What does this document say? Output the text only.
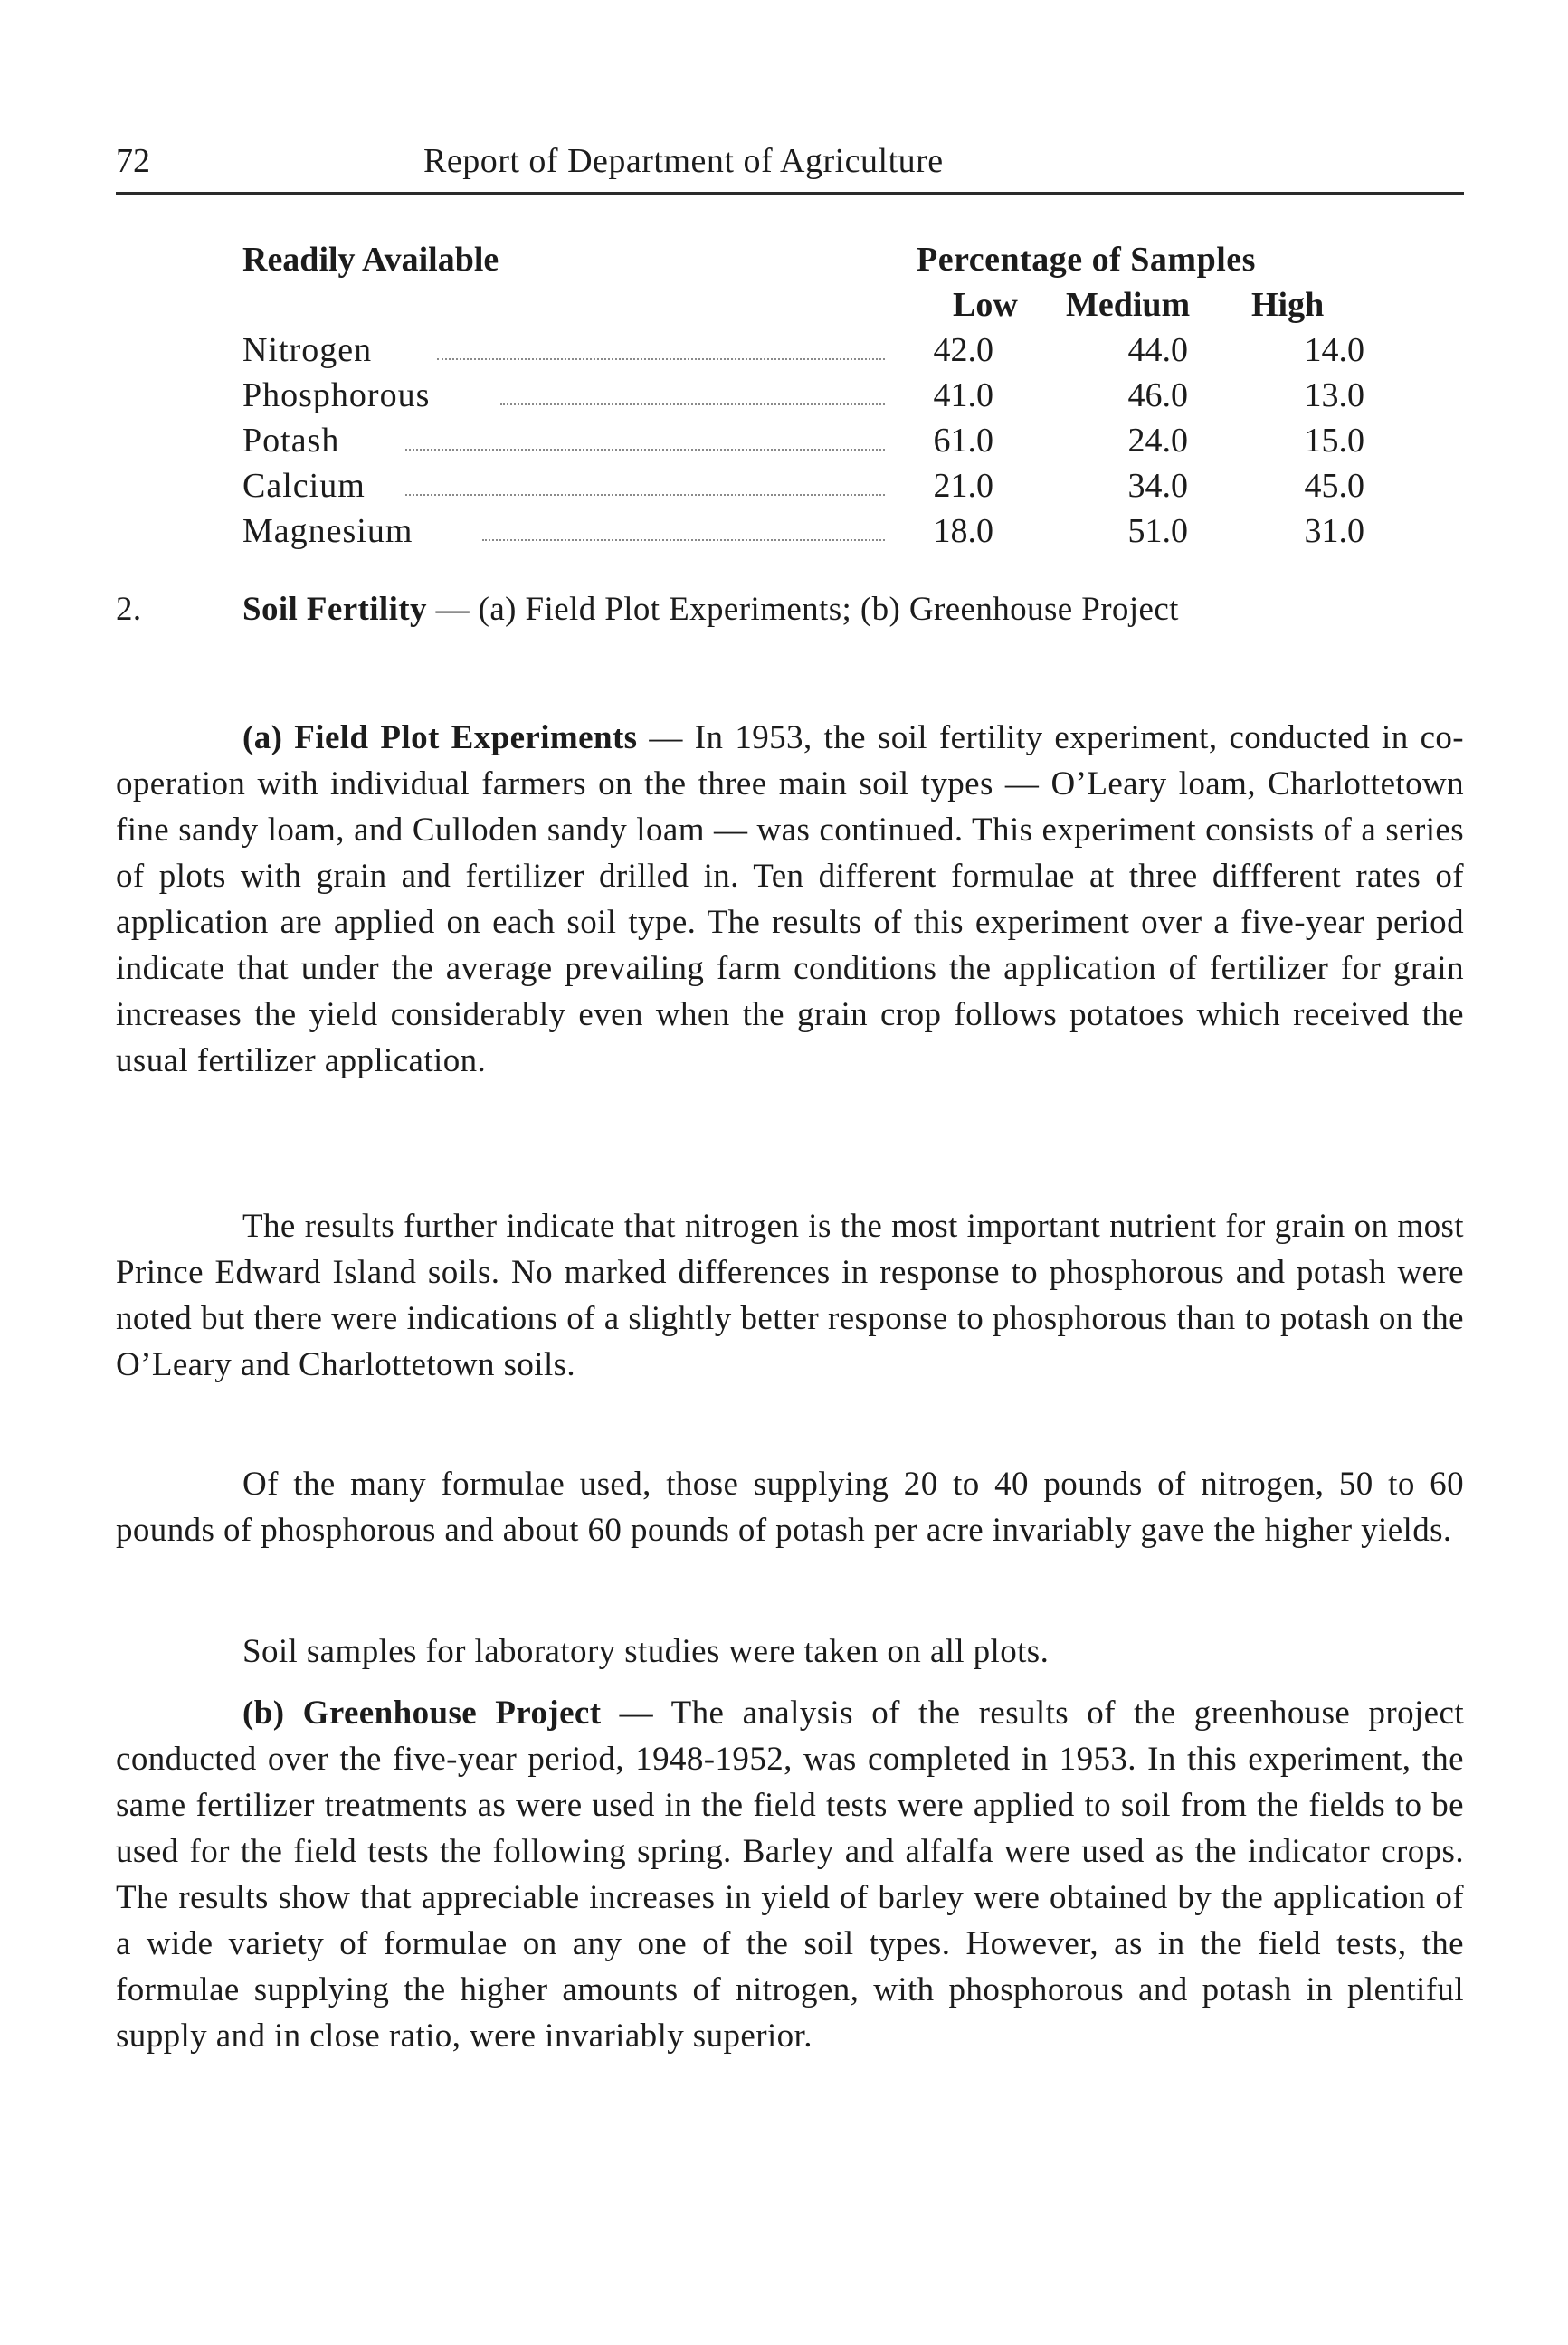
72	Report of Department of Agriculture
Readily Available	Percentage of Samples
Low Medium High
Nitrogen	42.0	44.0	14.0
Phosphorous	41.0	46.0	13.0
Potash	61.0	24.0	15.0
Calcium	21.0	34.0	45.0
Magnesium	18.0	51.0	31.0

2.	Soil Fertility — (a) Field Plot Experiments; (b) Greenhouse Project

(a) Field Plot Experiments — In 1953, the soil fertility experiment, conducted in co-operation with individual farmers on the three main soil types — O’Leary loam, Charlottetown fine sandy loam, and Culloden sandy loam — was continued. This experiment consists of a series of plots with grain and fertilizer drilled in. Ten different formulae at three diffferent rates of application are applied on each soil type. The results of this experiment over a five-year period indicate that under the average prevailing farm conditions the application of fertilizer for grain increases the yield considerably even when the grain crop follows potatoes which received the usual fertilizer application.

The results further indicate that nitrogen is the most important nutrient for grain on most Prince Edward Island soils. No marked differences in response to phosphorous and potash were noted but there were indications of a slightly better response to phosphorous than to potash on the O’Leary and Charlottetown soils.

Of the many formulae used, those supplying 20 to 40 pounds of nitrogen, 50 to 60 pounds of phosphorous and about 60 pounds of potash per acre invariably gave the higher yields.

Soil samples for laboratory studies were taken on all plots.

(b) Greenhouse Project — The analysis of the results of the greenhouse project conducted over the five-year period, 1948-1952, was completed in 1953. In this experiment, the same fertilizer treatments as were used in the field tests were applied to soil from the fields to be used for the field tests the following spring. Barley and alfalfa were used as the indicator crops. The results show that appreciable increases in yield of barley were obtained by the application of a wide variety of formulae on any one of the soil types. However, as in the field tests, the formulae supplying the higher amounts of nitrogen, with phosphorous and potash in plentiful supply and in close ratio, were invariably superior.
